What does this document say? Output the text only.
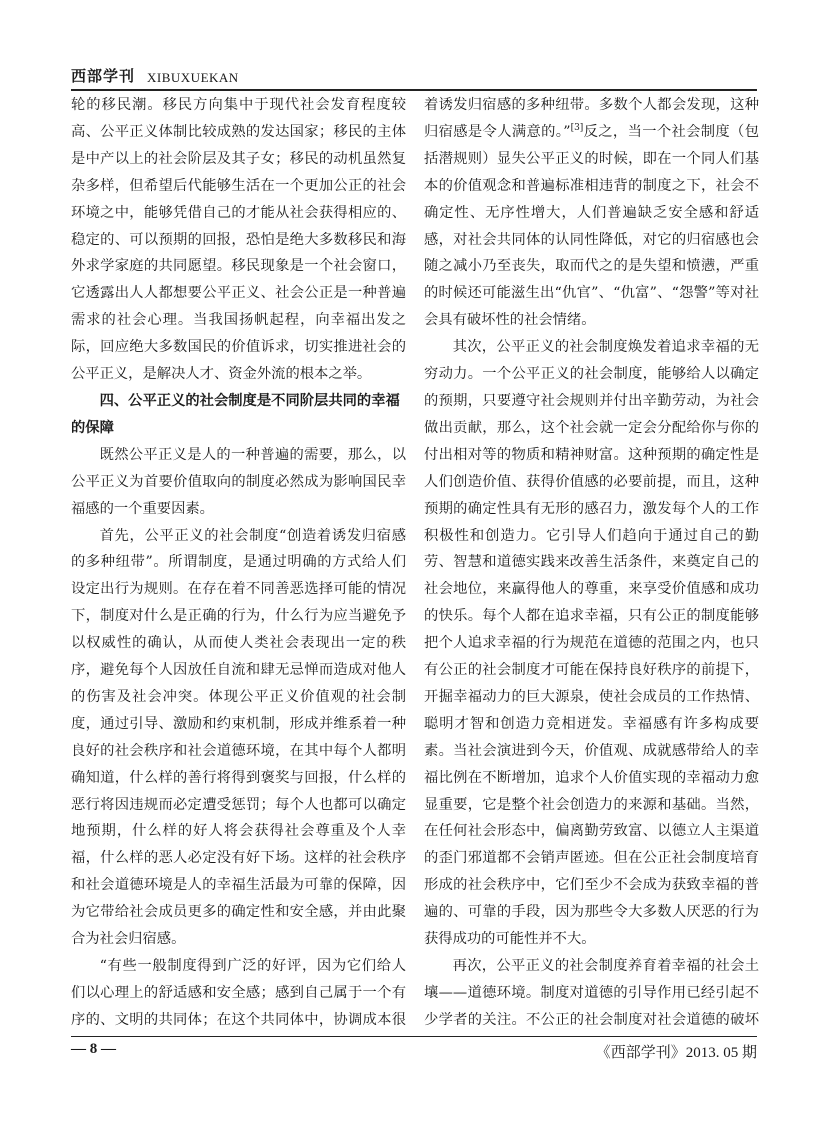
西部学刊 XIBUXUEKAN

轮的移民潮。移民方向集中于现代社会发育程度较高、公平正义体制比较成熟的发达国家；移民的主体是中产以上的社会阶层及其子女；移民的动机虽然复杂多样，但希望后代能够生活在一个更加公正的社会环境之中，能够凭借自己的才能从社会获得相应的、稳定的、可以预期的回报，恐怕是绝大多数移民和海外求学家庭的共同愿望。移民现象是一个社会窗口，它透露出人人都想要公平正义、社会公正是一种普遍需求的社会心理。当我国扬帆起程，向幸福出发之际，回应绝大多数国民的价值诉求，切实推进社会的公平正义，是解决人才、资金外流的根本之举。

四、公平正义的社会制度是不同阶层共同的幸福的保障

既然公平正义是人的一种普遍的需要，那么，以公平正义为首要价值取向的制度必然成为影响国民幸福感的一个重要因素。

首先，公平正义的社会制度“创造着诱发归宿感的多种纽带”。所谓制度，是通过明确的方式给人们设定出行为规则。在存在着不同善恶选择可能的情况下，制度对什么是正确的行为，什么行为应当避免予以权威性的确认，从而使人类社会表现出一定的秩序，避免每个人因放任自流和肆无忌惮而造成对他人的伤害及社会冲突。体现公平正义价值观的社会制度，通过引导、激励和约束机制，形成并维系着一种良好的社会秩序和社会道德环境，在其中每个人都明确知道，什么样的善行将得到褒奖与回报，什么样的恶行将因违规而必定遭受惩罚；每个人也都可以确定地预期，什么样的好人将会获得社会尊重及个人幸福，什么样的恶人必定没有好下场。这样的社会秩序和社会道德环境是人的幸福生活最为可靠的保障，因为它带给社会成员更多的确定性和安全感，并由此聚合为社会归宿感。

“有些一般制度得到广泛的好评，因为它们给人们以心理上的舒适感和安全感；感到自己属于一个有序的、文明的共同体；在这个共同体中，协调成本很

着诱发归宿感的多种纽带。多数个人都会发现，这种归宿感是令人满意的。”[3]反之，当一个社会制度（包括潜规则）显失公平正义的时候，即在一个同人们基本的价值观念和普遍标准相违背的制度之下，社会不确定性、无序性增大，人们普遍缺乏安全感和舒适感，对社会共同体的认同性降低，对它的归宿感也会随之减小乃至丧失，取而代之的是失望和愤懑，严重的时候还可能滋生出“仇官”、“仇富”、“怨警”等对社会具有破坏性的社会情绪。

其次，公平正义的社会制度焕发着追求幸福的无穷动力。一个公平正义的社会制度，能够给人以确定的预期，只要遵守社会规则并付出辛勤劳动，为社会做出贡献，那么，这个社会就一定会分配给你与你的付出相对等的物质和精神财富。这种预期的确定性是人们创造价值、获得价值感的必要前提，而且，这种预期的确定性具有无形的感召力，激发每个人的工作积极性和创造力。它引导人们趋向于通过自己的勤劳、智慧和道德实践来改善生活条件，来奠定自己的社会地位，来赢得他人的尊重，来享受价值感和成功的快乐。每个人都在追求幸福，只有公正的制度能够把个人追求幸福的行为规范在道德的范围之内，也只有公正的社会制度才可能在保持良好秩序的前提下，开掘幸福动力的巨大源泉，使社会成员的工作热情、聪明才智和创造力竞相迸发。幸福感有许多构成要素。当社会演进到今天，价值观、成就感带给人的幸福比例在不断增加，追求个人价值实现的幸福动力愈显重要，它是整个社会创造力的来源和基础。当然，在任何社会形态中，偏离勤劳致富、以德立人主渠道的歪门邪道都不会销声匿迹。但在公正社会制度培育形成的社会秩序中，它们至少不会成为获致幸福的普遍的、可靠的手段，因为那些令大多数人厌恶的行为获得成功的可能性并不大。

再次，公平正义的社会制度养育着幸福的社会土壤——道德环境。制度对道德的引导作用已经引起不少学者的关注。不公正的社会制度对社会道德的破坏

— 8 —	《西部学刊》2013. 05 期
